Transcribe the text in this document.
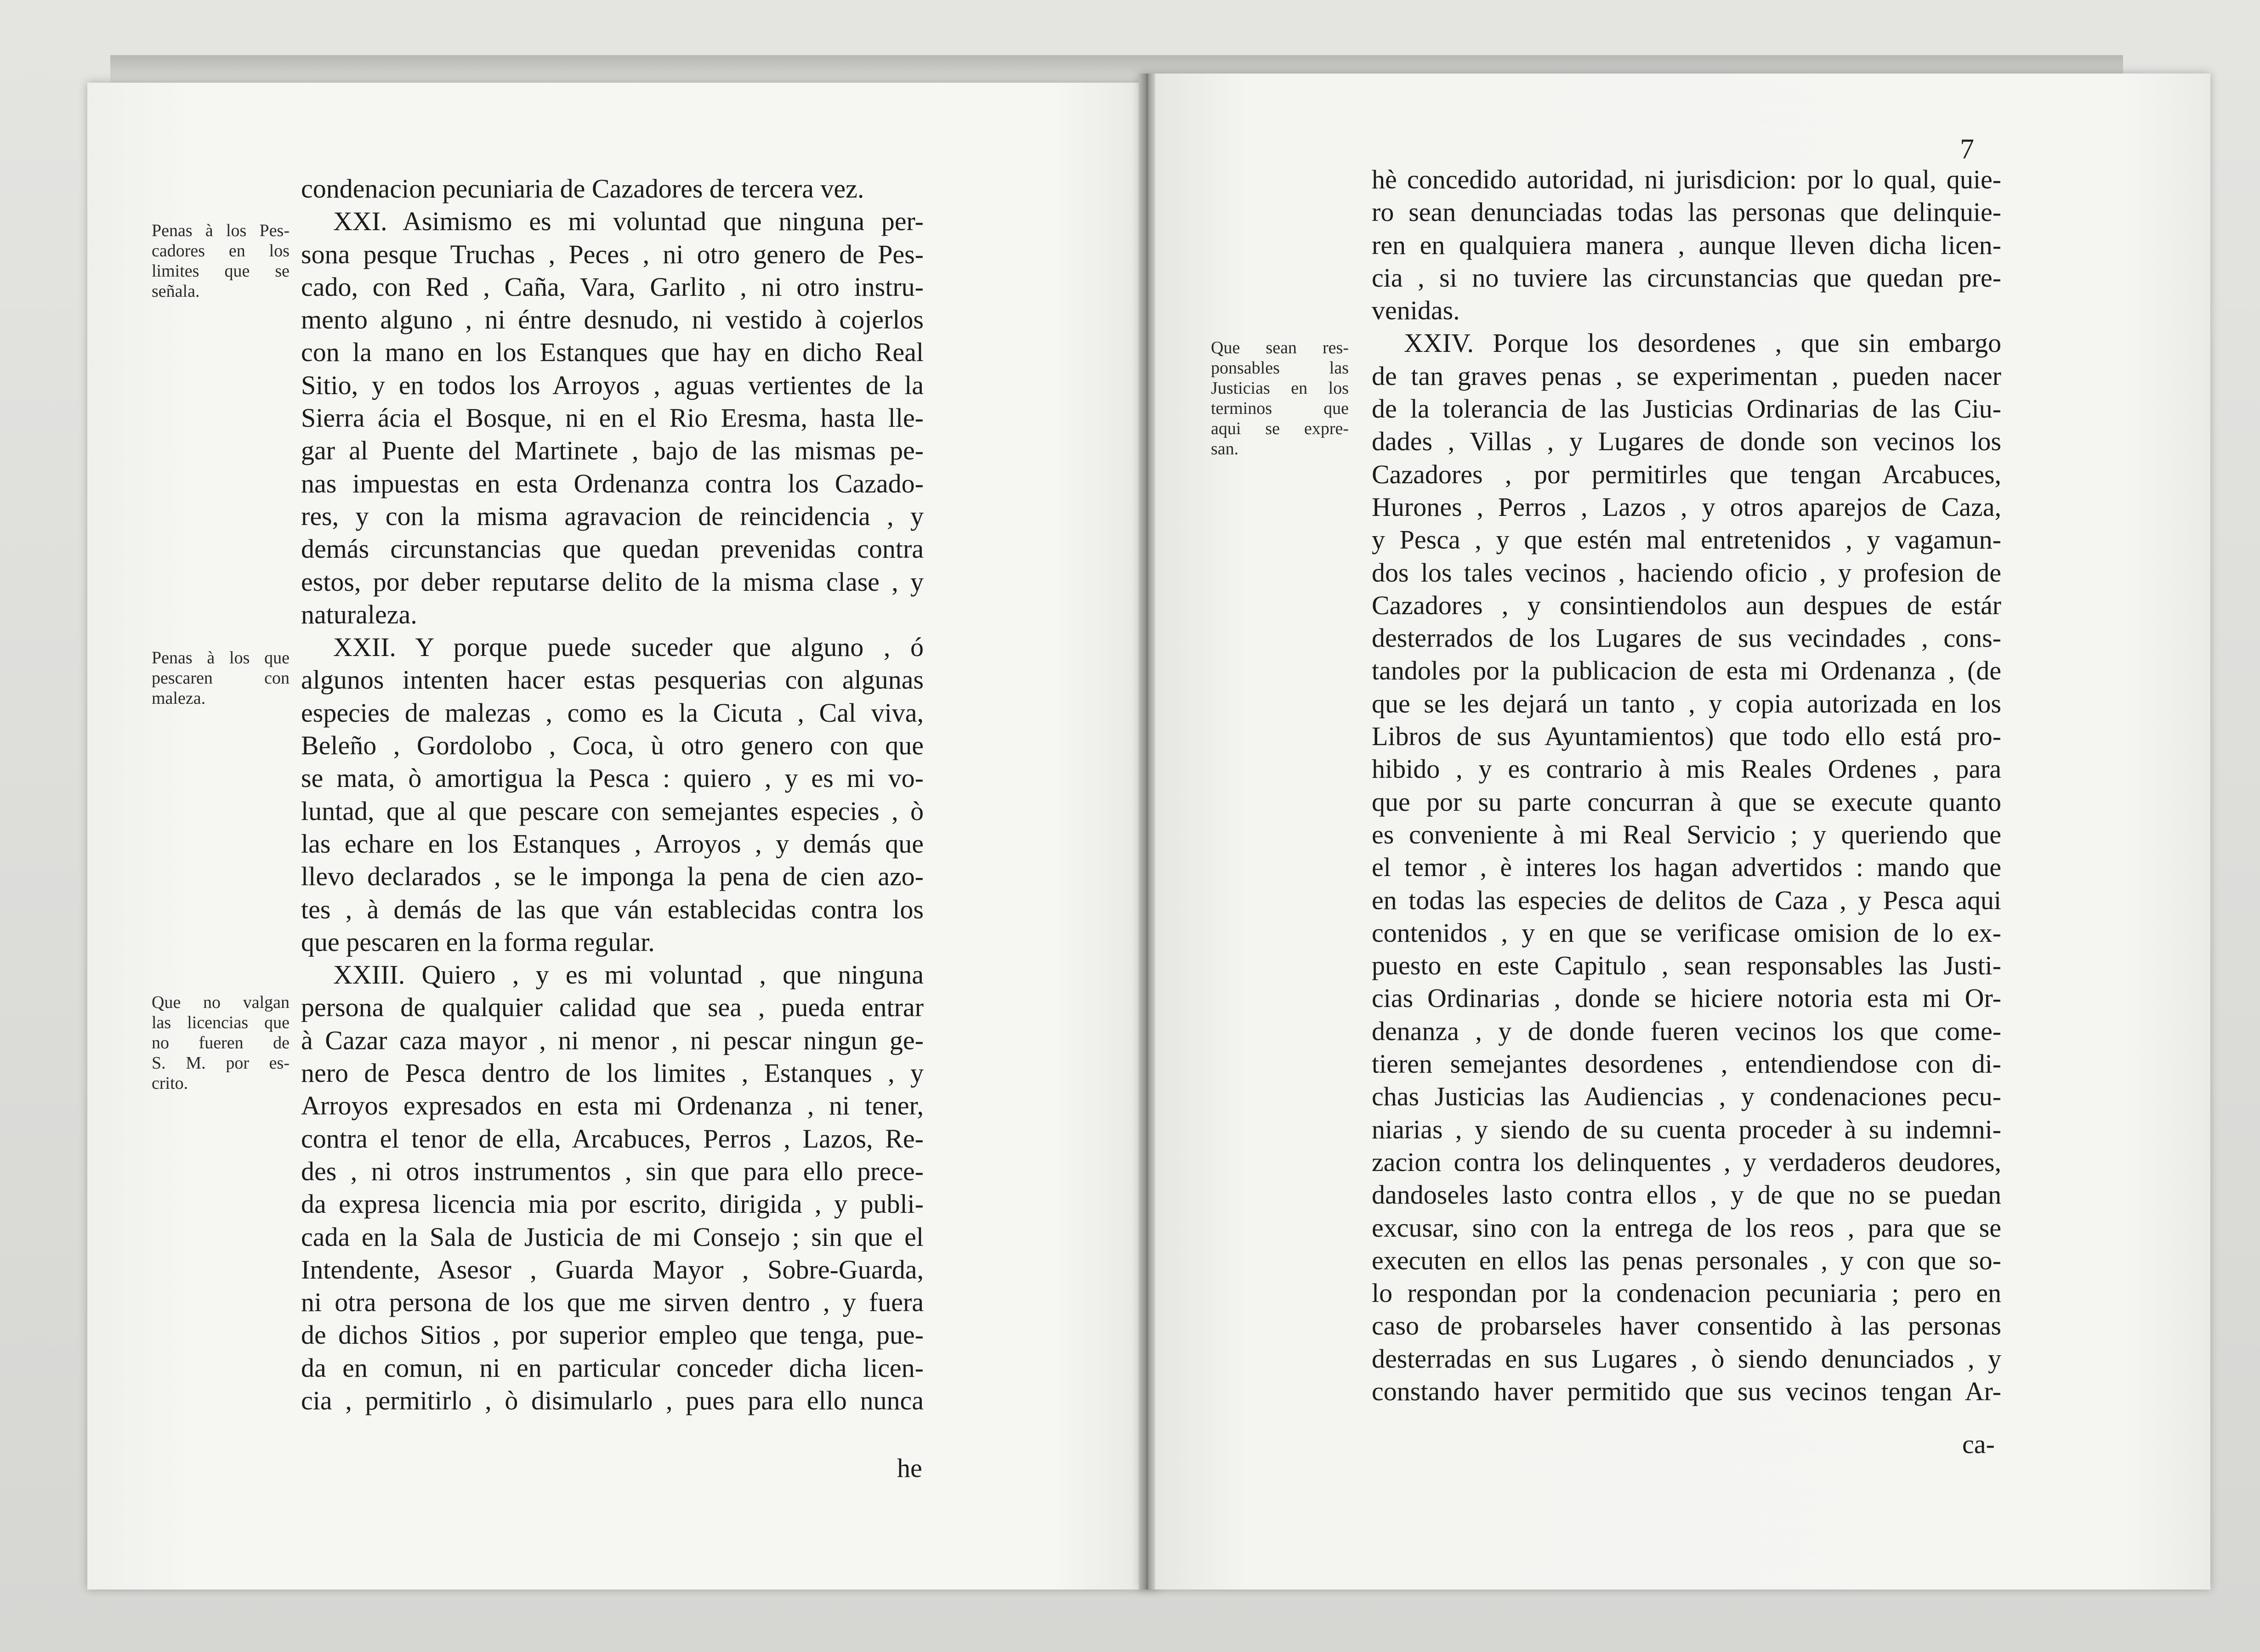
Penas à los Pes-
cadores en los
limites que se
señala.
Penas à los que
pescaren con
maleza.
Que no valgan
las licencias que
no fueren de
S. M. por es-
crito.
condenacion pecuniaria de Cazadores de tercera vez.
XXI. Asimismo es mi voluntad que ninguna per-
sona pesque Truchas , Peces , ni otro genero de Pes-
cado, con Red , Caña, Vara, Garlito , ni otro instru-
mento alguno , ni éntre desnudo, ni vestido à cojerlos
con la mano en los Estanques que hay en dicho Real
Sitio, y en todos los Arroyos , aguas vertientes de la
Sierra ácia el Bosque, ni en el Rio Eresma, hasta lle-
gar al Puente del Martinete , bajo de las mismas pe-
nas impuestas en esta Ordenanza contra los Cazado-
res, y con la misma agravacion de reincidencia , y
demás circunstancias que quedan prevenidas contra
estos, por deber reputarse delito de la misma clase , y
naturaleza.
XXII. Y porque puede suceder que alguno , ó
algunos intenten hacer estas pesquerias con algunas
especies de malezas , como es la Cicuta , Cal viva,
Beleño , Gordolobo , Coca, ù otro genero con que
se mata, ò amortigua la Pesca : quiero , y es mi vo-
luntad, que al que pescare con semejantes especies , ò
las echare en los Estanques , Arroyos , y demás que
llevo declarados , se le imponga la pena de cien azo-
tes , à demás de las que ván establecidas contra los
que pescaren en la forma regular.
XXIII. Quiero , y es mi voluntad , que ninguna
persona de qualquier calidad que sea , pueda entrar
à Cazar caza mayor , ni menor , ni pescar ningun ge-
nero de Pesca dentro de los limites , Estanques , y
Arroyos expresados en esta mi Ordenanza , ni tener,
contra el tenor de ella, Arcabuces, Perros , Lazos, Re-
des , ni otros instrumentos , sin que para ello prece-
da expresa licencia mia por escrito, dirigida , y publi-
cada en la Sala de Justicia de mi Consejo ; sin que el
Intendente, Asesor , Guarda Mayor , Sobre-Guarda,
ni otra persona de los que me sirven dentro , y fuera
de dichos Sitios , por superior empleo que tenga, pue-
da en comun, ni en particular conceder dicha licen-
cia , permitirlo , ò disimularlo , pues para ello nunca
he
7
Que sean res-
ponsables las
Justicias en los
terminos que
aqui se expre-
san.
hè concedido autoridad, ni jurisdicion: por lo qual, quie-
ro sean denunciadas todas las personas que delinquie-
ren en qualquiera manera , aunque lleven dicha licen-
cia , si no tuviere las circunstancias que quedan pre-
venidas.
XXIV. Porque los desordenes , que sin embargo
de tan graves penas , se experimentan , pueden nacer
de la tolerancia de las Justicias Ordinarias de las Ciu-
dades , Villas , y Lugares de donde son vecinos los
Cazadores , por permitirles que tengan Arcabuces,
Hurones , Perros , Lazos , y otros aparejos de Caza,
y Pesca , y que estén mal entretenidos , y vagamun-
dos los tales vecinos , haciendo oficio , y profesion de
Cazadores , y consintiendolos aun despues de estár
desterrados de los Lugares de sus vecindades , cons-
tandoles por la publicacion de esta mi Ordenanza , (de
que se les dejará un tanto , y copia autorizada en los
Libros de sus Ayuntamientos) que todo ello está pro-
hibido , y es contrario à mis Reales Ordenes , para
que por su parte concurran à que se execute quanto
es conveniente à mi Real Servicio ; y queriendo que
el temor , è interes los hagan advertidos : mando que
en todas las especies de delitos de Caza , y Pesca aqui
contenidos , y en que se verificase omision de lo ex-
puesto en este Capitulo , sean responsables las Justi-
cias Ordinarias , donde se hiciere notoria esta mi Or-
denanza , y de donde fueren vecinos los que come-
tieren semejantes desordenes , entendiendose con di-
chas Justicias las Audiencias , y condenaciones pecu-
niarias , y siendo de su cuenta proceder à su indemni-
zacion contra los delinquentes , y verdaderos deudores,
dandoseles lasto contra ellos , y de que no se puedan
excusar, sino con la entrega de los reos , para que se
executen en ellos las penas personales , y con que so-
lo respondan por la condenacion pecuniaria ; pero en
caso de probarseles haver consentido à las personas
desterradas en sus Lugares , ò siendo denunciados , y
constando haver permitido que sus vecinos tengan Ar-
ca-
